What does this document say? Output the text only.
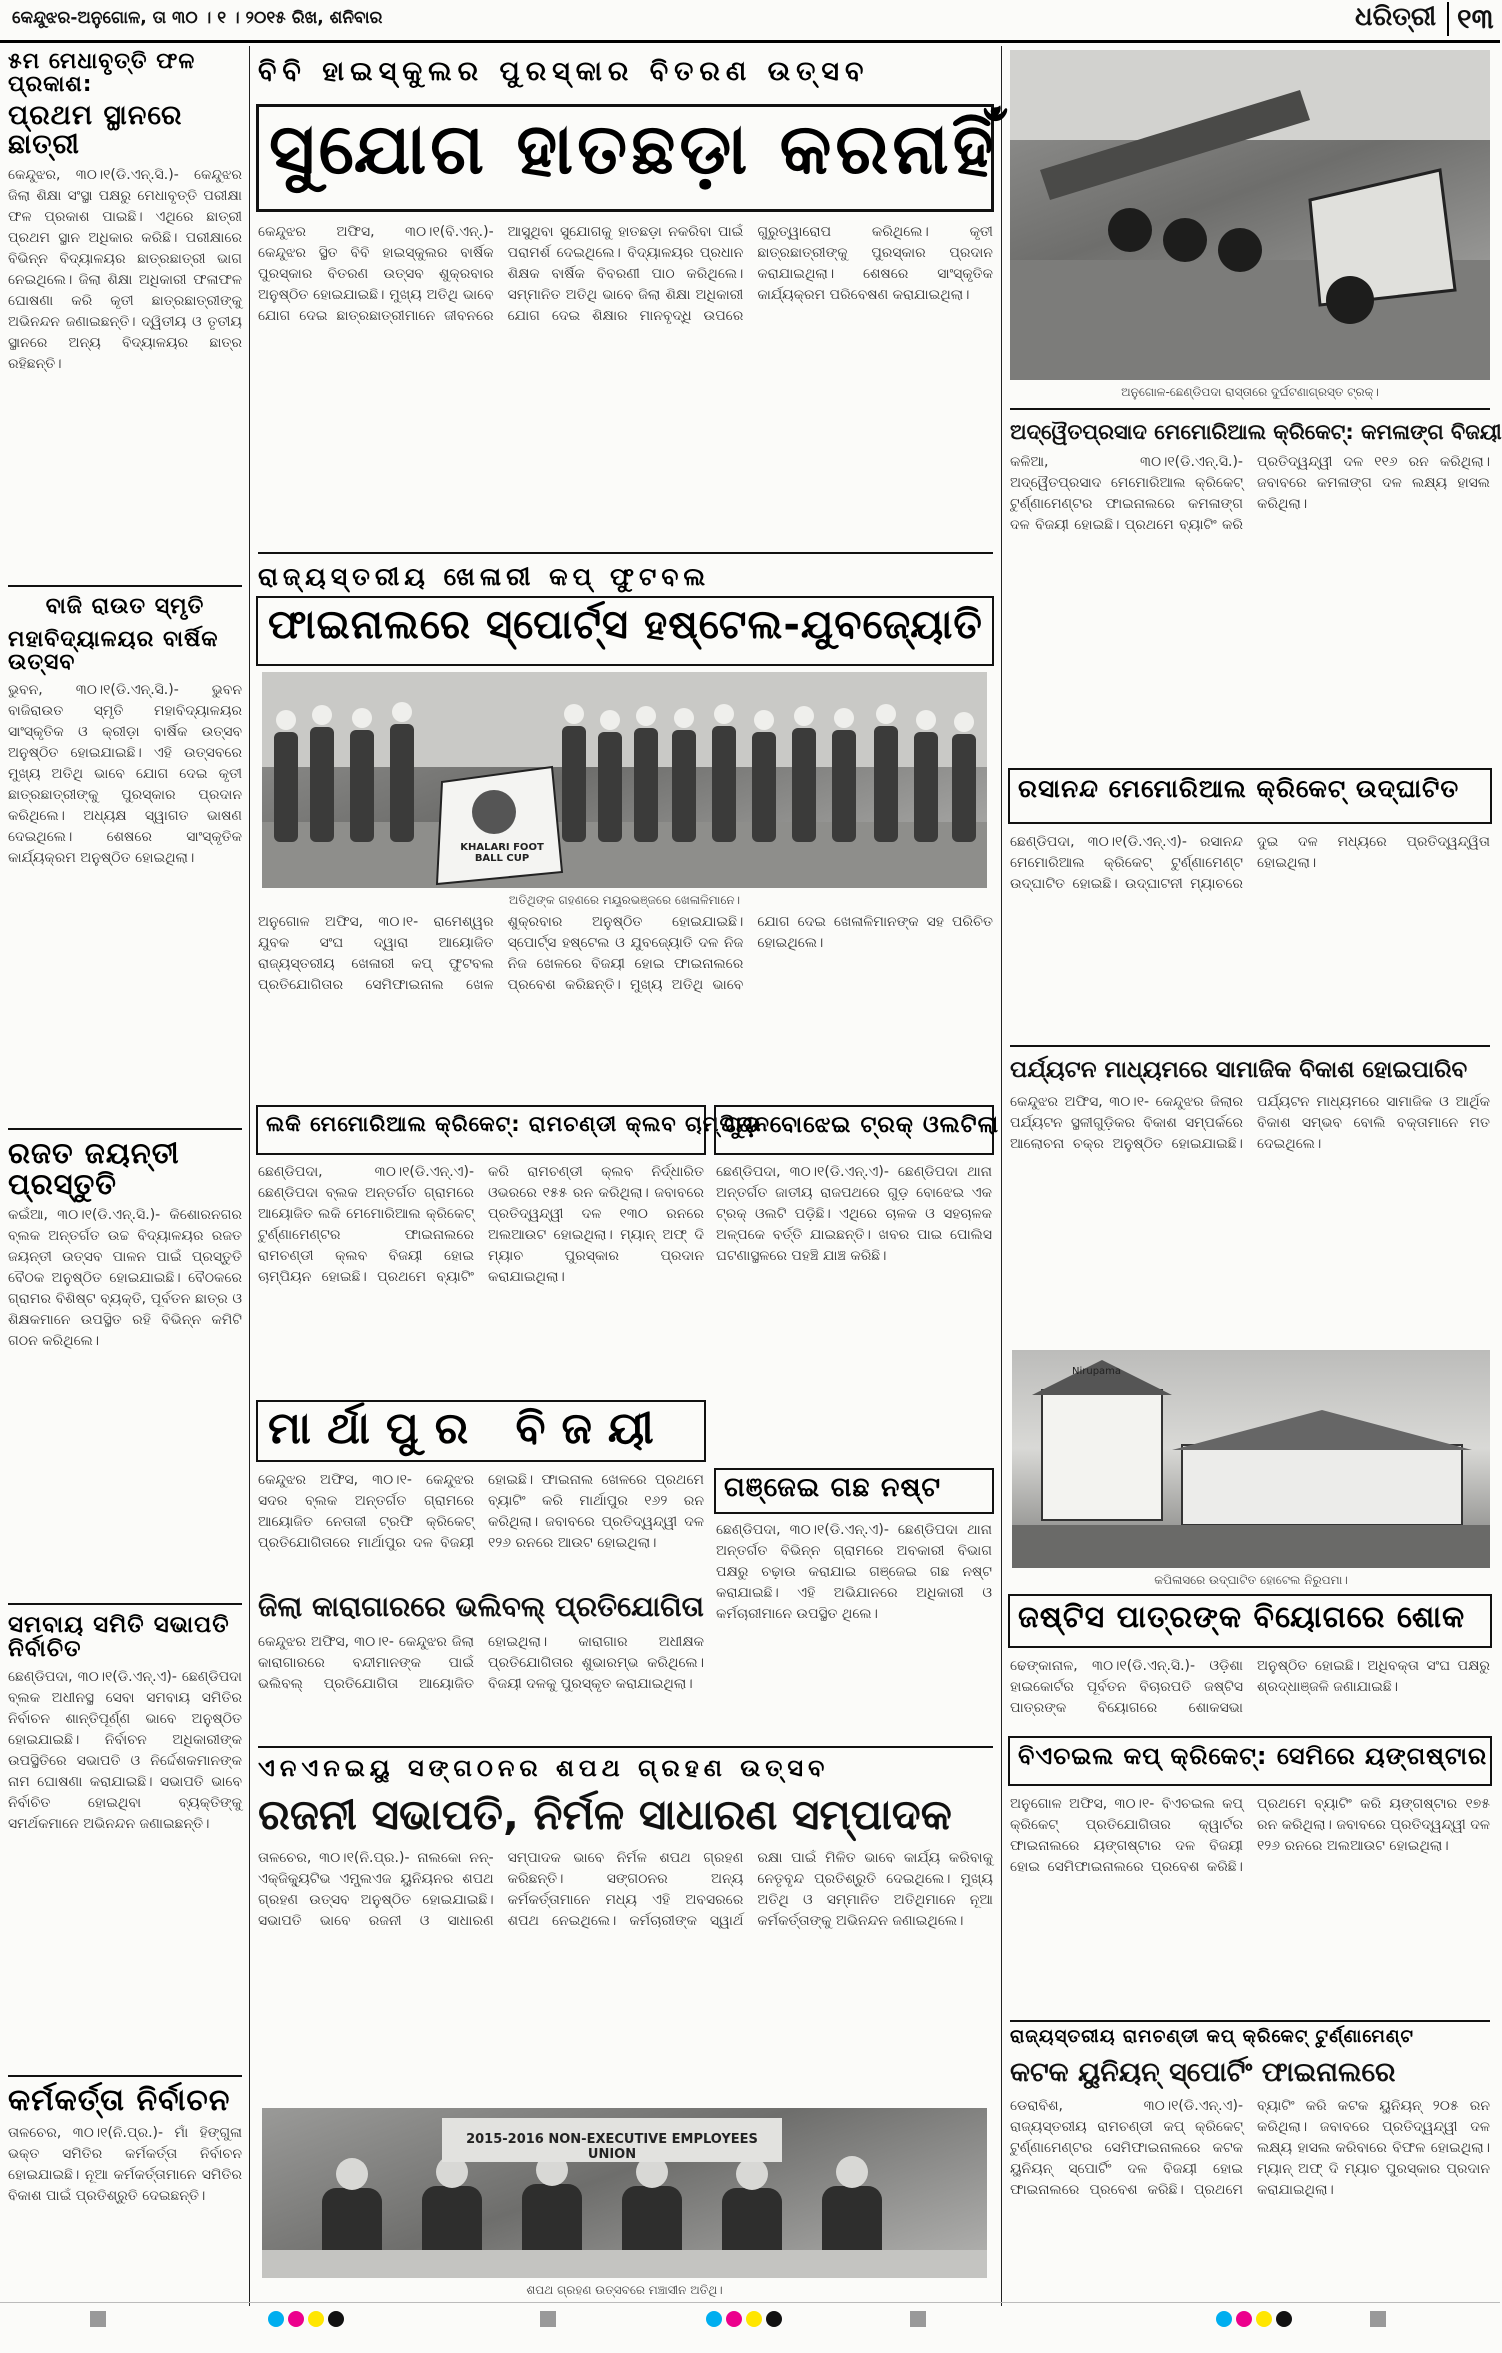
କେନ୍ଦୁଝର-ଅନୁଗୋଳ, ତା ୩୦ । ୧ । ୨୦୧୫ ରିଖ, ଶନିବାର	ଧରିତ୍ରୀ ୧୩
୫ମ ମେଧାବୃତ୍ତି ଫଳ ପ୍ରକାଶ:
ପ୍ରଥମ ସ୍ଥାନରେ ଛାତ୍ରୀ
କେନ୍ଦୁଝର, ୩୦।୧(ଡି.ଏନ୍.ସି.)- କେନ୍ଦୁଝର ଜିଲା ଶିକ୍ଷା ସଂସ୍ଥା ପକ୍ଷରୁ ମେଧାବୃତ୍ତି ପରୀକ୍ଷା ଫଳ ପ୍ରକାଶ ପାଇଛି। ଏଥିରେ ଛାତ୍ରୀ ପ୍ରଥମ ସ୍ଥାନ ଅଧିକାର କରିଛି। ପରୀକ୍ଷାରେ ବିଭିନ୍ନ ବିଦ୍ୟାଳୟର ଛାତ୍ରଛାତ୍ରୀ ଭାଗ ନେଇଥିଲେ। ଜିଲା ଶିକ୍ଷା ଅଧିକାରୀ ଫଳାଫଳ ଘୋଷଣା କରି କୃତୀ ଛାତ୍ରଛାତ୍ରୀଙ୍କୁ ଅଭିନନ୍ଦନ ଜଣାଇଛନ୍ତି। ଦ୍ୱିତୀୟ ଓ ତୃତୀୟ ସ୍ଥାନରେ ଅନ୍ୟ ବିଦ୍ୟାଳୟର ଛାତ୍ର ରହିଛନ୍ତି।
ବାଜି ରାଉତ ସ୍ମୃତି
ମହାବିଦ୍ୟାଳୟର ବାର୍ଷିକ ଉତ୍ସବ
ଭୁବନ, ୩୦।୧(ଡି.ଏନ୍.ସି.)- ଭୁବନ ବାଜିରାଉତ ସ୍ମୃତି ମହାବିଦ୍ୟାଳୟର ସାଂସ୍କୃତିକ ଓ କ୍ରୀଡ଼ା ବାର୍ଷିକ ଉତ୍ସବ ଅନୁଷ୍ଠିତ ହୋଇଯାଇଛି। ଏହି ଉତ୍ସବରେ ମୁଖ୍ୟ ଅତିଥି ଭାବେ ଯୋଗ ଦେଇ କୃତୀ ଛାତ୍ରଛାତ୍ରୀଙ୍କୁ ପୁରସ୍କାର ପ୍ରଦାନ କରିଥିଲେ। ଅଧ୍ୟକ୍ଷ ସ୍ୱାଗତ ଭାଷଣ ଦେଇଥିଲେ। ଶେଷରେ ସାଂସ୍କୃତିକ କାର୍ଯ୍ୟକ୍ରମ ଅନୁଷ୍ଠିତ ହୋଇଥିଲା।
ରଜତ ଜୟନ୍ତୀ ପ୍ରସ୍ତୁତି
କଇଁଆ, ୩୦।୧(ଡି.ଏନ୍.ସି.)- କିଶୋରନଗର ବ୍ଲକ ଅନ୍ତର୍ଗତ ଉଚ୍ଚ ବିଦ୍ୟାଳୟର ରଜତ ଜୟନ୍ତୀ ଉତ୍ସବ ପାଳନ ପାଇଁ ପ୍ରସ୍ତୁତି ବୈଠକ ଅନୁଷ୍ଠିତ ହୋଇଯାଇଛି। ବୈଠକରେ ଗ୍ରାମର ବିଶିଷ୍ଟ ବ୍ୟକ୍ତି, ପୂର୍ବତନ ଛାତ୍ର ଓ ଶିକ୍ଷକମାନେ ଉପସ୍ଥିତ ରହି ବିଭିନ୍ନ କମିଟି ଗଠନ କରିଥିଲେ।
ସମବାୟ ସମିତି ସଭାପତି ନିର୍ବାଚିତ
ଛେଣ୍ଡିପଦା, ୩୦।୧(ଡି.ଏନ୍.ଏ)- ଛେଣ୍ଡିପଦା ବ୍ଲକ ଅଧୀନସ୍ଥ ସେବା ସମବାୟ ସମିତିର ନିର୍ବାଚନ ଶାନ୍ତିପୂର୍ଣ୍ଣ ଭାବେ ଅନୁଷ୍ଠିତ ହୋଇଯାଇଛି। ନିର୍ବାଚନ ଅଧିକାରୀଙ୍କ ଉପସ୍ଥିତିରେ ସଭାପତି ଓ ନିର୍ଦ୍ଦେଶକମାନଙ୍କ ନାମ ଘୋଷଣା କରାଯାଇଛି। ସଭାପତି ଭାବେ ନିର୍ବାଚିତ ହୋଇଥିବା ବ୍ୟକ୍ତିଙ୍କୁ ସମର୍ଥକମାନେ ଅଭିନନ୍ଦନ ଜଣାଇଛନ୍ତି।
କର୍ମକର୍ତ୍ତା ନିର୍ବାଚନ
ତାଳଚେର, ୩୦।୧(ନି.ପ୍ର.)- ମାଁ ହିଙ୍ଗୁଳା ଭକ୍ତ ସମିତିର କର୍ମକର୍ତ୍ତା ନିର୍ବାଚନ ହୋଇଯାଇଛି। ନୂଆ କର୍ମକର୍ତ୍ତାମାନେ ସମିତିର ବିକାଶ ପାଇଁ ପ୍ରତିଶ୍ରୁତି ଦେଇଛନ୍ତି।
ବିବି ହାଇସ୍କୁଲର ପୁରସ୍କାର ବିତରଣ ଉତ୍ସବ
ସୁଯୋଗ ହାତଛଡ଼ା କରନାହିଁ
କେନ୍ଦୁଝର ଅଫିସ, ୩୦।୧(ବି.ଏନ୍.)- କେନ୍ଦୁଝର ସ୍ଥିତ ବିବି ହାଇସ୍କୁଲର ବାର୍ଷିକ ପୁରସ୍କାର ବିତରଣ ଉତ୍ସବ ଶୁକ୍ରବାର ଅନୁଷ୍ଠିତ ହୋଇଯାଇଛି। ମୁଖ୍ୟ ଅତିଥି ଭାବେ ଯୋଗ ଦେଇ ଛାତ୍ରଛାତ୍ରୀମାନେ ଜୀବନରେ ଆସୁଥିବା ସୁଯୋଗକୁ ହାତଛଡ଼ା ନକରିବା ପାଇଁ ପରାମର୍ଶ ଦେଇଥିଲେ। ବିଦ୍ୟାଳୟର ପ୍ରଧାନ ଶିକ୍ଷକ ବାର୍ଷିକ ବିବରଣୀ ପାଠ କରିଥିଲେ। ସମ୍ମାନିତ ଅତିଥି ଭାବେ ଜିଲା ଶିକ୍ଷା ଅଧିକାରୀ ଯୋଗ ଦେଇ ଶିକ୍ଷାର ମାନବୃଦ୍ଧି ଉପରେ ଗୁରୁତ୍ୱାରୋପ କରିଥିଲେ। କୃତୀ ଛାତ୍ରଛାତ୍ରୀଙ୍କୁ ପୁରସ୍କାର ପ୍ରଦାନ କରାଯାଇଥିଲା। ଶେଷରେ ସାଂସ୍କୃତିକ କାର୍ଯ୍ୟକ୍ରମ ପରିବେଷଣ କରାଯାଇଥିଲା।
ରାଜ୍ୟସ୍ତରୀୟ ଖେଳାରୀ କପ୍ ଫୁଟବଲ
ଫାଇନାଲରେ ସ୍ପୋର୍ଟ୍ସ ହଷ୍ଟେଲ-ଯୁବଜ୍ୟୋତି
KHALARI FOOT BALL CUP
ଅତିଥିଙ୍କ ଗହଣରେ ମୟୂରଭଞ୍ଜରେ ଖେଳାଳିମାନେ।
ଅନୁଗୋଳ ଅଫିସ, ୩୦।୧- ରାମେଶ୍ୱର ଯୁବକ ସଂଘ ଦ୍ୱାରା ଆୟୋଜିତ ରାଜ୍ୟସ୍ତରୀୟ ଖେଳାରୀ କପ୍ ଫୁଟବଲ ପ୍ରତିଯୋଗିତାର ସେମିଫାଇନାଲ ଖେଳ ଶୁକ୍ରବାର ଅନୁଷ୍ଠିତ ହୋଇଯାଇଛି। ସ୍ପୋର୍ଟ୍ସ ହଷ୍ଟେଲ ଓ ଯୁବଜ୍ୟୋତି ଦଳ ନିଜ ନିଜ ଖେଳରେ ବିଜୟୀ ହୋଇ ଫାଇନାଲରେ ପ୍ରବେଶ କରିଛନ୍ତି। ମୁଖ୍ୟ ଅତିଥି ଭାବେ ଯୋଗ ଦେଇ ଖେଳାଳିମାନଙ୍କ ସହ ପରିଚିତ ହୋଇଥିଲେ।
ଲକି ମେମୋରିଆଲ କ୍ରିକେଟ୍: ରାମଚଣ୍ଡୀ କ୍ଲବ ଚାମ୍ପିୟନ
ଛେଣ୍ଡିପଦା, ୩୦।୧(ଡି.ଏନ୍.ଏ)- ଛେଣ୍ଡିପଦା ବ୍ଲକ ଅନ୍ତର୍ଗତ ଗ୍ରାମରେ ଆୟୋଜିତ ଲକି ମେମୋରିଆଲ କ୍ରିକେଟ୍ ଟୁର୍ଣ୍ଣାମେଣ୍ଟର ଫାଇନାଲରେ ରାମଚଣ୍ଡୀ କ୍ଲବ ବିଜୟୀ ହୋଇ ଚାମ୍ପିୟନ ହୋଇଛି। ପ୍ରଥମେ ବ୍ୟାଟିଂ କରି ରାମଚଣ୍ଡୀ କ୍ଲବ ନିର୍ଦ୍ଧାରିତ ଓଭରରେ ୧୫୫ ରନ କରିଥିଲା। ଜବାବରେ ପ୍ରତିଦ୍ୱନ୍ଦ୍ୱୀ ଦଳ ୧୩୦ ରନରେ ଅଲଆଉଟ ହୋଇଥିଲା। ମ୍ୟାନ୍ ଅଫ୍ ଦି ମ୍ୟାଚ ପୁରସ୍କାର ପ୍ରଦାନ କରାଯାଇଥିଲା।
ଗୁଡ଼ ବୋଝେଇ ଟ୍ରକ୍ ଓଲଟିଲା
ଛେଣ୍ଡିପଦା, ୩୦।୧(ଡି.ଏନ୍.ଏ)- ଛେଣ୍ଡିପଦା ଥାନା ଅନ୍ତର୍ଗତ ଜାତୀୟ ରାଜପଥରେ ଗୁଡ଼ ବୋଝେଇ ଏକ ଟ୍ରକ୍ ଓଲଟି ପଡ଼ିଛି। ଏଥିରେ ଚାଳକ ଓ ସହଚାଳକ ଅଳ୍ପକେ ବର୍ତ୍ତି ଯାଇଛନ୍ତି। ଖବର ପାଇ ପୋଲିସ ଘଟଣାସ୍ଥଳରେ ପହଞ୍ଚି ଯାଞ୍ଚ କରିଛି।
ମାର୍ଥାପୁର ବିଜୟୀ
କେନ୍ଦୁଝର ଅଫିସ, ୩୦।୧- କେନ୍ଦୁଝର ସଦର ବ୍ଲକ ଅନ୍ତର୍ଗତ ଗ୍ରାମରେ ଆୟୋଜିତ ନେତାଜୀ ଟ୍ରଫି କ୍ରିକେଟ୍ ପ୍ରତିଯୋଗିତାରେ ମାର୍ଥାପୁର ଦଳ ବିଜୟୀ ହୋଇଛି। ଫାଇନାଲ ଖେଳରେ ପ୍ରଥମେ ବ୍ୟାଟିଂ କରି ମାର୍ଥାପୁର ୧୬୨ ରନ କରିଥିଲା। ଜବାବରେ ପ୍ରତିଦ୍ୱନ୍ଦ୍ୱୀ ଦଳ ୧୨୬ ରନରେ ଆଉଟ ହୋଇଥିଲା।
ଗଞ୍ଜେଇ ଗଛ ନଷ୍ଟ
ଛେଣ୍ଡିପଦା, ୩୦।୧(ଡି.ଏନ୍.ଏ)- ଛେଣ୍ଡିପଦା ଥାନା ଅନ୍ତର୍ଗତ ବିଭିନ୍ନ ଗ୍ରାମରେ ଅବକାରୀ ବିଭାଗ ପକ୍ଷରୁ ଚଢ଼ାଉ କରାଯାଇ ଗଞ୍ଜେଇ ଗଛ ନଷ୍ଟ କରାଯାଇଛି। ଏହି ଅଭିଯାନରେ ଅଧିକାରୀ ଓ କର୍ମଚାରୀମାନେ ଉପସ୍ଥିତ ଥିଲେ।
ଜିଲା କାରାଗାରରେ ଭଲିବଲ୍ ପ୍ରତିଯୋଗିତା
କେନ୍ଦୁଝର ଅଫିସ, ୩୦।୧- କେନ୍ଦୁଝର ଜିଲା କାରାଗାରରେ ବନ୍ଦୀମାନଙ୍କ ପାଇଁ ଭଲିବଲ୍ ପ୍ରତିଯୋଗିତା ଆୟୋଜିତ ହୋଇଥିଲା। କାରାଗାର ଅଧୀକ୍ଷକ ପ୍ରତିଯୋଗିତାର ଶୁଭାରମ୍ଭ କରିଥିଲେ। ବିଜୟୀ ଦଳକୁ ପୁରସ୍କୃତ କରାଯାଇଥିଲା।
ଏନଏନଇୟୁ ସଙ୍ଗଠନର ଶପଥ ଗ୍ରହଣ ଉତ୍ସବ
ରଜନୀ ସଭାପତି, ନିର୍ମଳ ସାଧାରଣ ସମ୍ପାଦକ
ତାଳଚେର, ୩୦।୧(ନି.ପ୍ର.)- ନାଲକୋ ନନ୍-ଏକ୍ଜିକ୍ୟୁଟିଭ ଏମ୍ପ୍ଲଏଜ ୟୁନିୟନର ଶପଥ ଗ୍ରହଣ ଉତ୍ସବ ଅନୁଷ୍ଠିତ ହୋଇଯାଇଛି। ସଭାପତି ଭାବେ ରଜନୀ ଓ ସାଧାରଣ ସମ୍ପାଦକ ଭାବେ ନିର୍ମଳ ଶପଥ ଗ୍ରହଣ କରିଛନ୍ତି। ସଙ୍ଗଠନର ଅନ୍ୟ କର୍ମକର୍ତ୍ତାମାନେ ମଧ୍ୟ ଏହି ଅବସରରେ ଶପଥ ନେଇଥିଲେ। କର୍ମଚାରୀଙ୍କ ସ୍ୱାର୍ଥ ରକ୍ଷା ପାଇଁ ମିଳିତ ଭାବେ କାର୍ଯ୍ୟ କରିବାକୁ ନେତୃବୃନ୍ଦ ପ୍ରତିଶ୍ରୁତି ଦେଇଥିଲେ। ମୁଖ୍ୟ ଅତିଥି ଓ ସମ୍ମାନିତ ଅତିଥିମାନେ ନୂଆ କର୍ମକର୍ତ୍ତାଙ୍କୁ ଅଭିନନ୍ଦନ ଜଣାଇଥିଲେ।
2015-2016 NON-EXECUTIVE EMPLOYEES UNION
ଶପଥ ଗ୍ରହଣ ଉତ୍ସବରେ ମଞ୍ଚାସୀନ ଅତିଥି।
ଅନୁଗୋଳ-ଛେଣ୍ଡିପଦା ରାସ୍ତାରେ ଦୁର୍ଘଟଣାଗ୍ରସ୍ତ ଟ୍ରକ୍।
ଅଦ୍ୱୈତପ୍ରସାଦ ମେମୋରିଆଲ କ୍ରିକେଟ୍: କମଳାଙ୍ଗ ବିଜୟୀ
କଳିଆ, ୩୦।୧(ଡି.ଏନ୍.ସି.)- ଅଦ୍ୱୈତପ୍ରସାଦ ମେମୋରିଆଲ କ୍ରିକେଟ୍ ଟୁର୍ଣ୍ଣାମେଣ୍ଟର ଫାଇନାଲରେ କମଳାଙ୍ଗ ଦଳ ବିଜୟୀ ହୋଇଛି। ପ୍ରଥମେ ବ୍ୟାଟିଂ କରି ପ୍ରତିଦ୍ୱନ୍ଦ୍ୱୀ ଦଳ ୧୧୬ ରନ କରିଥିଲା। ଜବାବରେ କମଳାଙ୍ଗ ଦଳ ଲକ୍ଷ୍ୟ ହାସଲ କରିଥିଲା।
ରସାନନ୍ଦ ମେମୋରିଆଲ କ୍ରିକେଟ୍ ଉଦ୍‌ଘାଟିତ
ଛେଣ୍ଡିପଦା, ୩୦।୧(ଡି.ଏନ୍.ଏ)- ରସାନନ୍ଦ ମେମୋରିଆଲ କ୍ରିକେଟ୍ ଟୁର୍ଣ୍ଣାମେଣ୍ଟ ଉଦ୍‌ଘାଟିତ ହୋଇଛି। ଉଦ୍‌ଘାଟନୀ ମ୍ୟାଚରେ ଦୁଇ ଦଳ ମଧ୍ୟରେ ପ୍ରତିଦ୍ୱନ୍ଦ୍ୱିତା ହୋଇଥିଲା।
ପର୍ଯ୍ୟଟନ ମାଧ୍ୟମରେ ସାମାଜିକ ବିକାଶ ହୋଇପାରିବ
କେନ୍ଦୁଝର ଅଫିସ, ୩୦।୧- କେନ୍ଦୁଝର ଜିଲାର ପର୍ଯ୍ୟଟନ ସ୍ଥଳୀଗୁଡ଼ିକର ବିକାଶ ସମ୍ପର୍କରେ ଆଲୋଚନା ଚକ୍ର ଅନୁଷ୍ଠିତ ହୋଇଯାଇଛି। ପର୍ଯ୍ୟଟନ ମାଧ୍ୟମରେ ସାମାଜିକ ଓ ଆର୍ଥିକ ବିକାଶ ସମ୍ଭବ ବୋଲି ବକ୍ତାମାନେ ମତ ଦେଇଥିଲେ।
Nirupama
କପିଳାସରେ ଉଦ୍‌ଘାଟିତ ହୋଟେଲ ନିରୁପମା।
ଜଷ୍ଟିସ ପାତ୍ରଙ୍କ ବିୟୋଗରେ ଶୋକ
ଢେଙ୍କାନାଳ, ୩୦।୧(ଡି.ଏନ୍.ସି.)- ଓଡ଼ିଶା ହାଇକୋର୍ଟର ପୂର୍ବତନ ବିଚାରପତି ଜଷ୍ଟିସ ପାତ୍ରଙ୍କ ବିୟୋଗରେ ଶୋକସଭା ଅନୁଷ୍ଠିତ ହୋଇଛି। ଅଧିବକ୍ତା ସଂଘ ପକ୍ଷରୁ ଶ୍ରଦ୍ଧାଞ୍ଜଳି ଜଣାଯାଇଛି।
ବିଏଚଇଲ କପ୍ କ୍ରିକେଟ୍: ସେମିରେ ୟଙ୍ଗଷ୍ଟାର
ଅନୁଗୋଳ ଅଫିସ, ୩୦।୧- ବିଏଚଇଲ କପ୍ କ୍ରିକେଟ୍ ପ୍ରତିଯୋଗିତାର କ୍ୱାର୍ଟର ଫାଇନାଲରେ ୟଙ୍ଗଷ୍ଟାର ଦଳ ବିଜୟୀ ହୋଇ ସେମିଫାଇନାଲରେ ପ୍ରବେଶ କରିଛି। ପ୍ରଥମେ ବ୍ୟାଟିଂ କରି ୟଙ୍ଗଷ୍ଟାର ୧୭୫ ରନ କରିଥିଲା। ଜବାବରେ ପ୍ରତିଦ୍ୱନ୍ଦ୍ୱୀ ଦଳ ୧୨୬ ରନରେ ଅଲଆଉଟ ହୋଇଥିଲା।
ରାଜ୍ୟସ୍ତରୀୟ ରାମଚଣ୍ଡୀ କପ୍ କ୍ରିକେଟ୍ ଟୁର୍ଣ୍ଣାମେଣ୍ଟ
କଟକ ୟୁନିୟନ୍ ସ୍ପୋର୍ଟିଂ ଫାଇନାଲରେ
ଡେରାବିଶ, ୩୦।୧(ଡି.ଏନ୍.ଏ)- ରାଜ୍ୟସ୍ତରୀୟ ରାମଚଣ୍ଡୀ କପ୍ କ୍ରିକେଟ୍ ଟୁର୍ଣ୍ଣାମେଣ୍ଟର ସେମିଫାଇନାଲରେ କଟକ ୟୁନିୟନ୍ ସ୍ପୋର୍ଟିଂ ଦଳ ବିଜୟୀ ହୋଇ ଫାଇନାଲରେ ପ୍ରବେଶ କରିଛି। ପ୍ରଥମେ ବ୍ୟାଟିଂ କରି କଟକ ୟୁନିୟନ୍ ୨୦୫ ରନ କରିଥିଲା। ଜବାବରେ ପ୍ରତିଦ୍ୱନ୍ଦ୍ୱୀ ଦଳ ଲକ୍ଷ୍ୟ ହାସଲ କରିବାରେ ବିଫଳ ହୋଇଥିଲା। ମ୍ୟାନ୍ ଅଫ୍ ଦି ମ୍ୟାଚ ପୁରସ୍କାର ପ୍ରଦାନ କରାଯାଇଥିଲା।
